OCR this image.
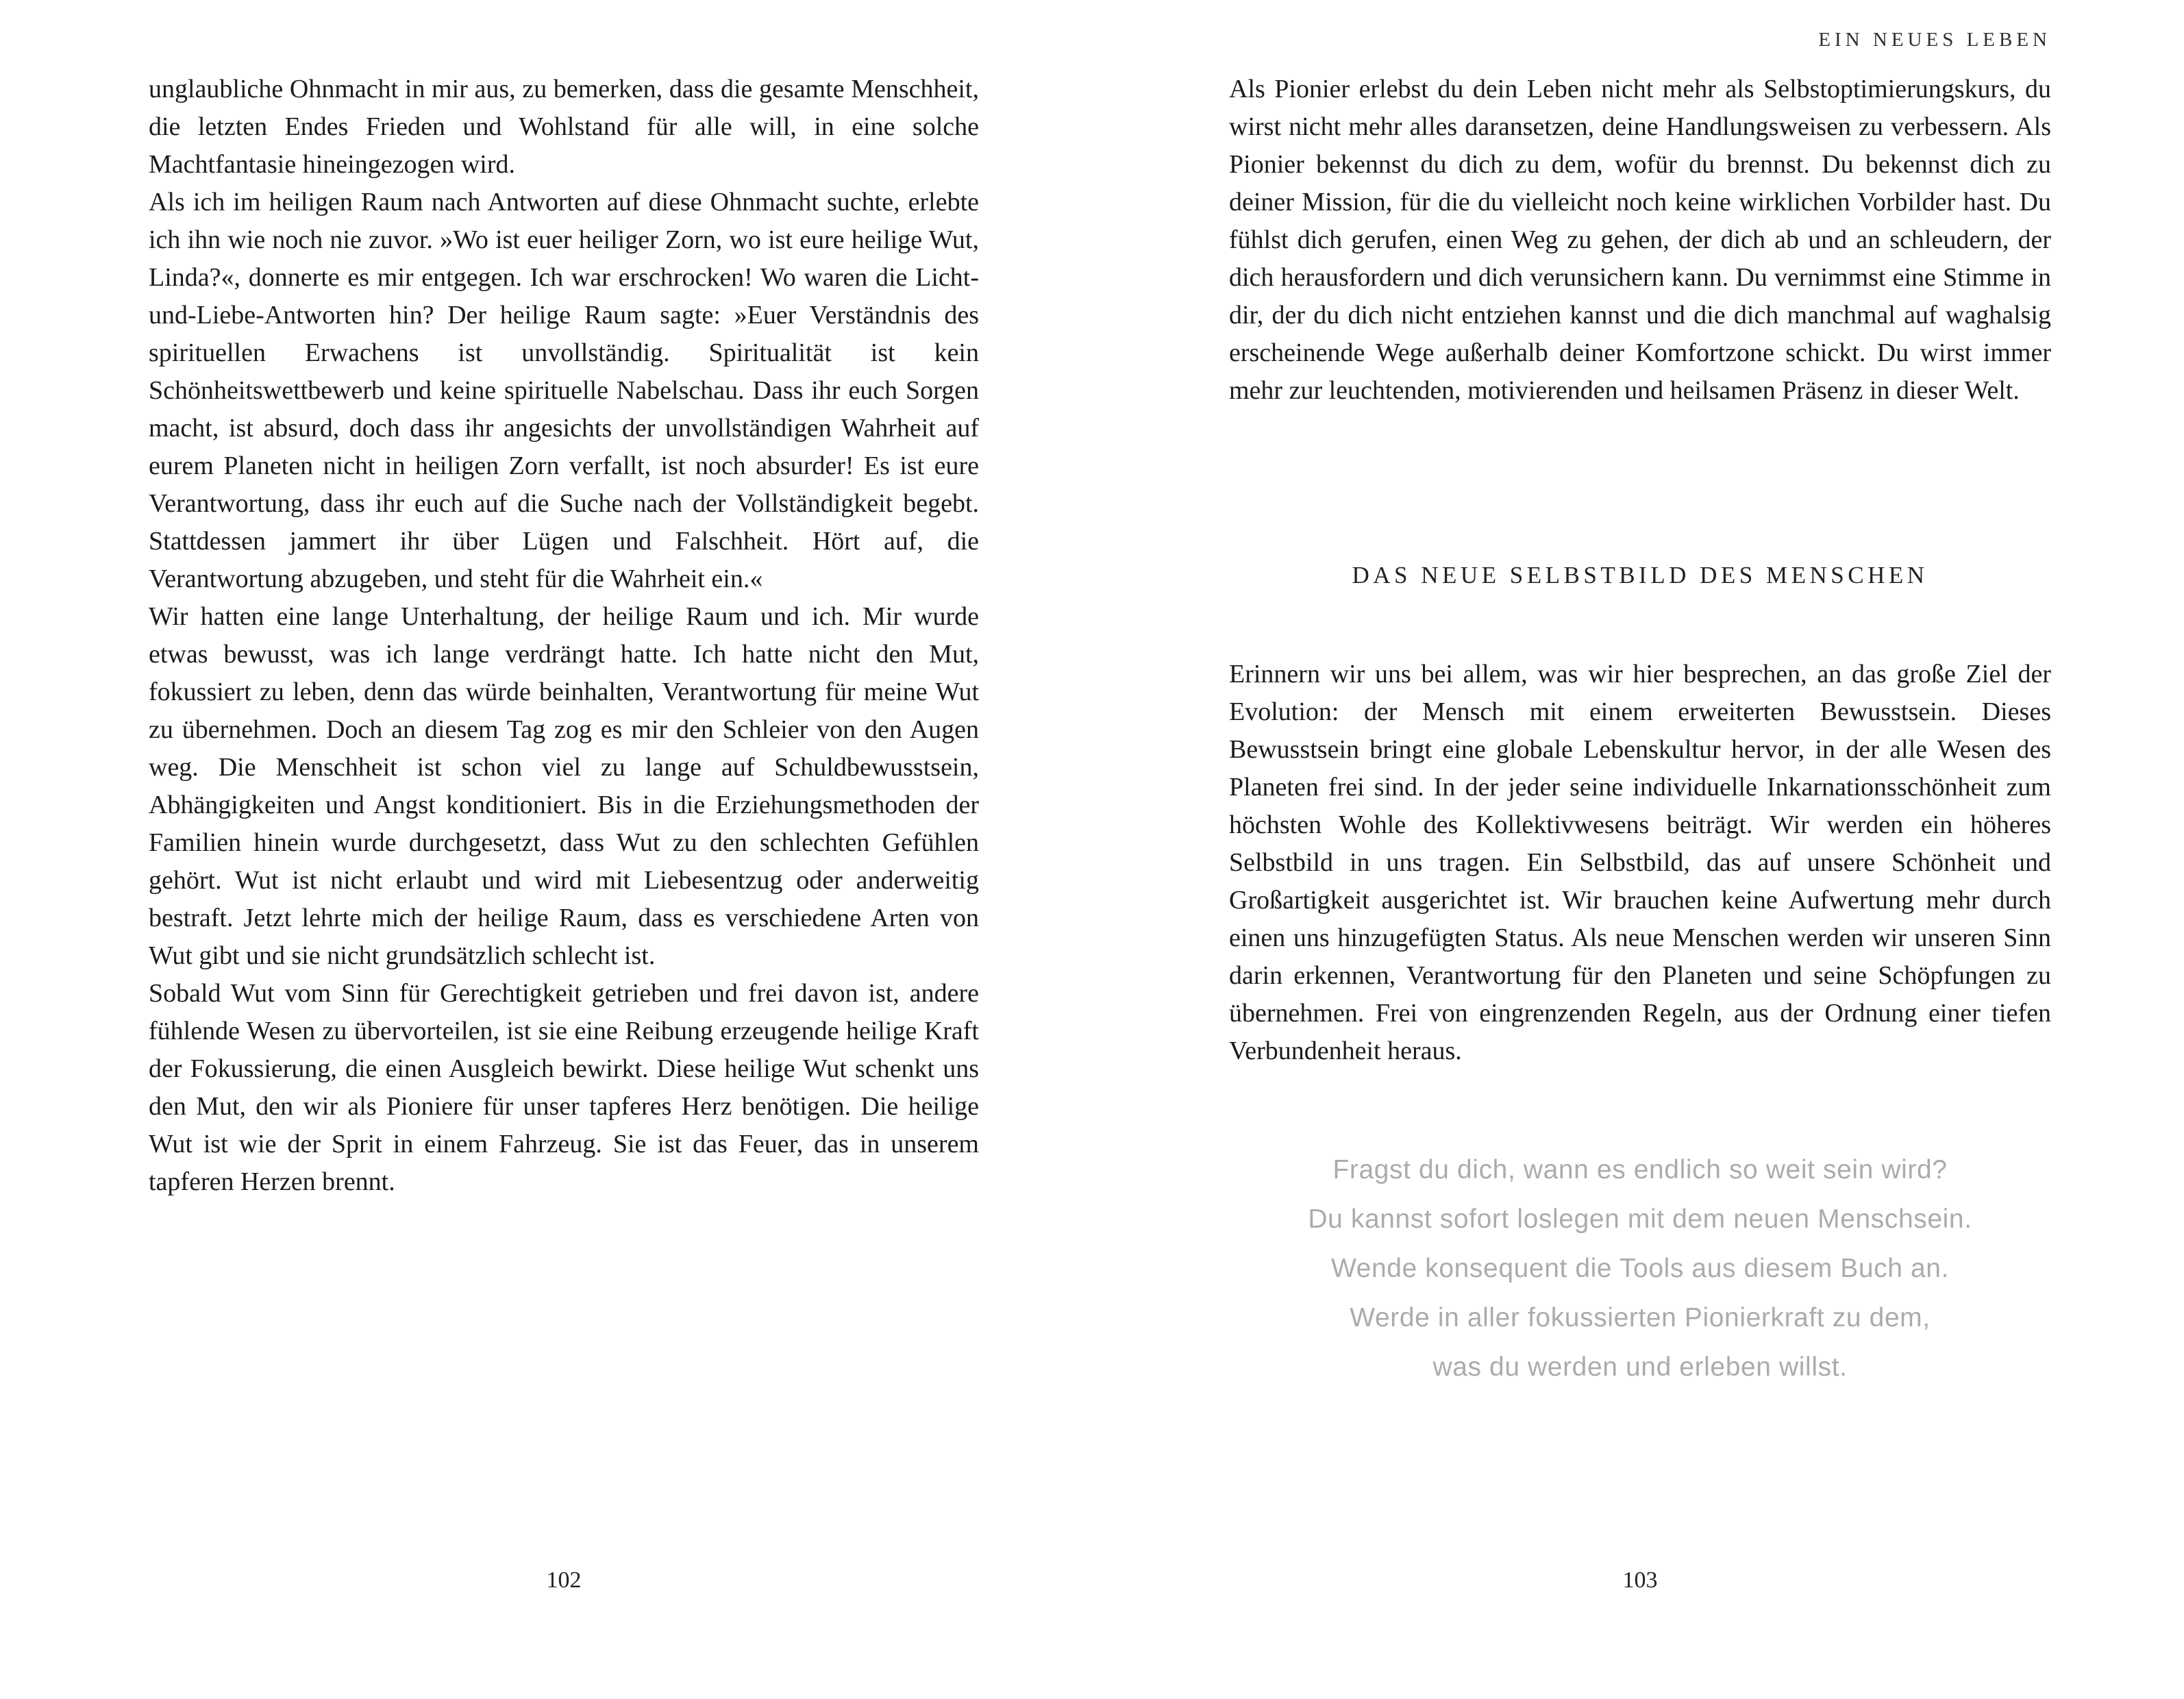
unglaubliche Ohnmacht in mir aus, zu bemerken, dass die gesamte Menschheit, die letzten Endes Frieden und Wohlstand für alle will, in eine solche Machtfantasie hineingezogen wird.

Als ich im heiligen Raum nach Antworten auf diese Ohnmacht suchte, erlebte ich ihn wie noch nie zuvor. »Wo ist euer heiliger Zorn, wo ist eure heilige Wut, Linda?«, donnerte es mir entgegen. Ich war erschrocken! Wo waren die Licht-und-Liebe-Antworten hin? Der heilige Raum sagte: »Euer Verständnis des spirituellen Erwachens ist unvollständig. Spiritualität ist kein Schönheitswettbewerb und keine spirituelle Nabelschau. Dass ihr euch Sorgen macht, ist absurd, doch dass ihr angesichts der unvollständigen Wahrheit auf eurem Planeten nicht in heiligen Zorn verfallt, ist noch absurder! Es ist eure Verantwortung, dass ihr euch auf die Suche nach der Vollständigkeit begebt. Stattdessen jammert ihr über Lügen und Falschheit. Hört auf, die Verantwortung abzugeben, und steht für die Wahrheit ein.«

Wir hatten eine lange Unterhaltung, der heilige Raum und ich. Mir wurde etwas bewusst, was ich lange verdrängt hatte. Ich hatte nicht den Mut, fokussiert zu leben, denn das würde beinhalten, Verantwortung für meine Wut zu übernehmen. Doch an diesem Tag zog es mir den Schleier von den Augen weg. Die Menschheit ist schon viel zu lange auf Schuldbewusstsein, Abhängigkeiten und Angst konditioniert. Bis in die Erziehungsmethoden der Familien hinein wurde durchgesetzt, dass Wut zu den schlechten Gefühlen gehört. Wut ist nicht erlaubt und wird mit Liebesentzug oder anderweitig bestraft. Jetzt lehrte mich der heilige Raum, dass es verschiedene Arten von Wut gibt und sie nicht grundsätzlich schlecht ist.

Sobald Wut vom Sinn für Gerechtigkeit getrieben und frei davon ist, andere fühlende Wesen zu übervorteilen, ist sie eine Reibung erzeugende heilige Kraft der Fokussierung, die einen Ausgleich bewirkt. Diese heilige Wut schenkt uns den Mut, den wir als Pioniere für unser tapferes Herz benötigen. Die heilige Wut ist wie der Sprit in einem Fahrzeug. Sie ist das Feuer, das in unserem tapferen Herzen brennt.

102
EIN NEUES LEBEN

Als Pionier erlebst du dein Leben nicht mehr als Selbstoptimierungskurs, du wirst nicht mehr alles daransetzen, deine Handlungsweisen zu verbessern. Als Pionier bekennst du dich zu dem, wofür du brennst. Du bekennst dich zu deiner Mission, für die du vielleicht noch keine wirklichen Vorbilder hast. Du fühlst dich gerufen, einen Weg zu gehen, der dich ab und an schleudern, der dich herausfordern und dich verunsichern kann. Du vernimmst eine Stimme in dir, der du dich nicht entziehen kannst und die dich manchmal auf waghalsig erscheinende Wege außerhalb deiner Komfortzone schickt. Du wirst immer mehr zur leuchtenden, motivierenden und heilsamen Präsenz in dieser Welt.

DAS NEUE SELBSTBILD DES MENSCHEN

Erinnern wir uns bei allem, was wir hier besprechen, an das große Ziel der Evolution: der Mensch mit einem erweiterten Bewusstsein. Dieses Bewusstsein bringt eine globale Lebenskultur hervor, in der alle Wesen des Planeten frei sind. In der jeder seine individuelle Inkarnationsschönheit zum höchsten Wohle des Kollektivwesens beiträgt. Wir werden ein höheres Selbstbild in uns tragen. Ein Selbstbild, das auf unsere Schönheit und Großartigkeit ausgerichtet ist. Wir brauchen keine Aufwertung mehr durch einen uns hinzugefügten Status. Als neue Menschen werden wir unseren Sinn darin erkennen, Verantwortung für den Planeten und seine Schöpfungen zu übernehmen. Frei von eingrenzenden Regeln, aus der Ordnung einer tiefen Verbundenheit heraus.

Fragst du dich, wann es endlich so weit sein wird?
Du kannst sofort loslegen mit dem neuen Menschsein.
Wende konsequent die Tools aus diesem Buch an.
Werde in aller fokussierten Pionierkraft zu dem,
was du werden und erleben willst.
103
